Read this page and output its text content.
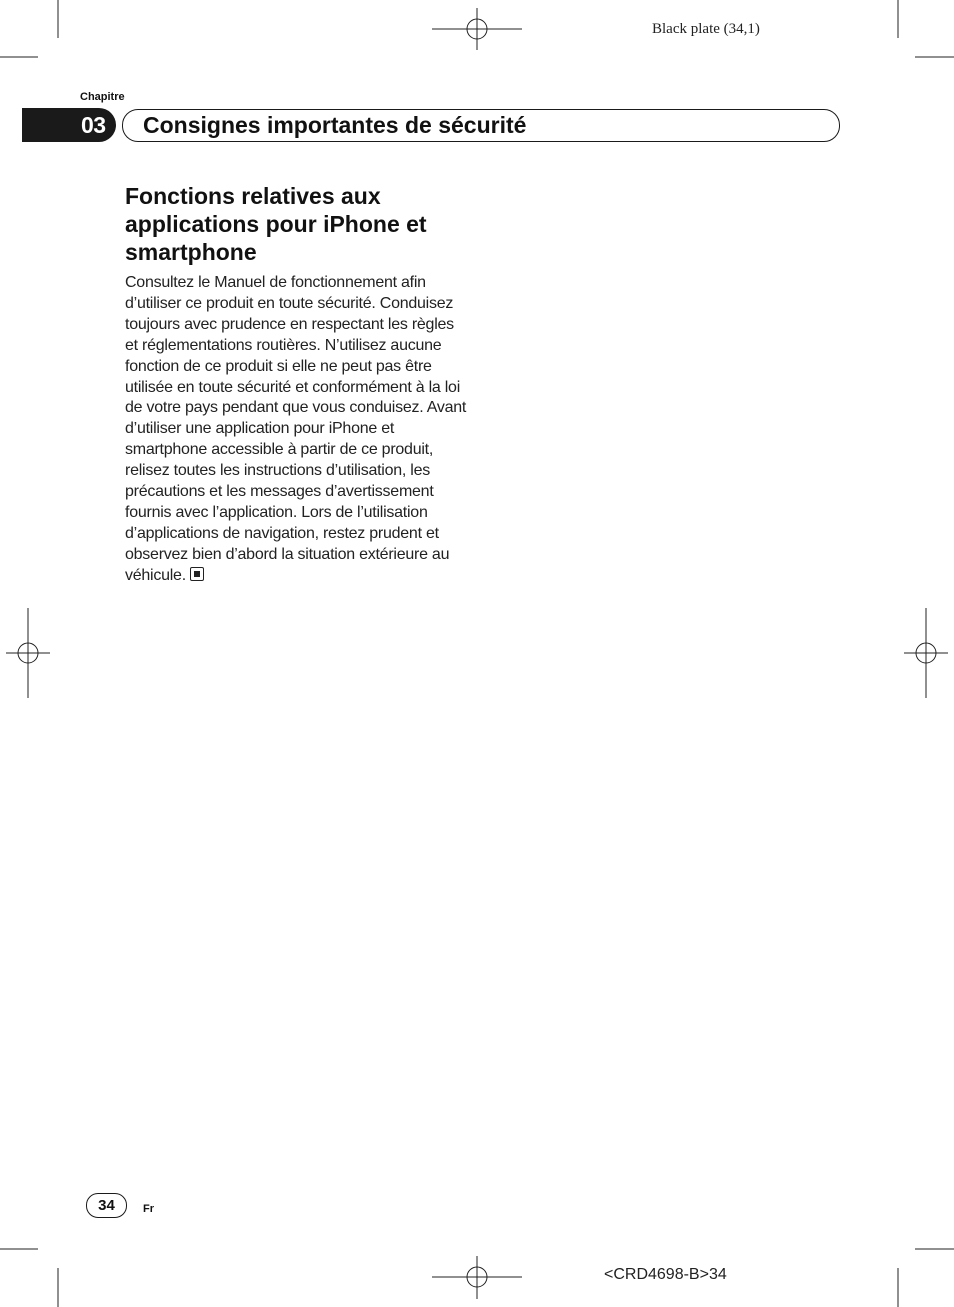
Black plate (34,1)
Chapitre
03 Consignes importantes de sécurité
Fonctions relatives aux applications pour iPhone et smartphone

Consultez le Manuel de fonctionnement afin d’utiliser ce produit en toute sécurité. Conduisez toujours avec prudence en respectant les règles et réglementations routières. N’utilisez aucune fonction de ce produit si elle ne peut pas être utilisée en toute sécurité et conformément à la loi de votre pays pendant que vous conduisez. Avant d’utiliser une application pour iPhone et smartphone accessible à partir de ce produit, relisez toutes les instructions d’utilisation, les précautions et les messages d’avertissement fournis avec l’application. Lors de l’utilisation d’applications de navigation, restez prudent et observez bien d’abord la situation extérieure au véhicule.

34	Fr
<CRD4698-B>34
